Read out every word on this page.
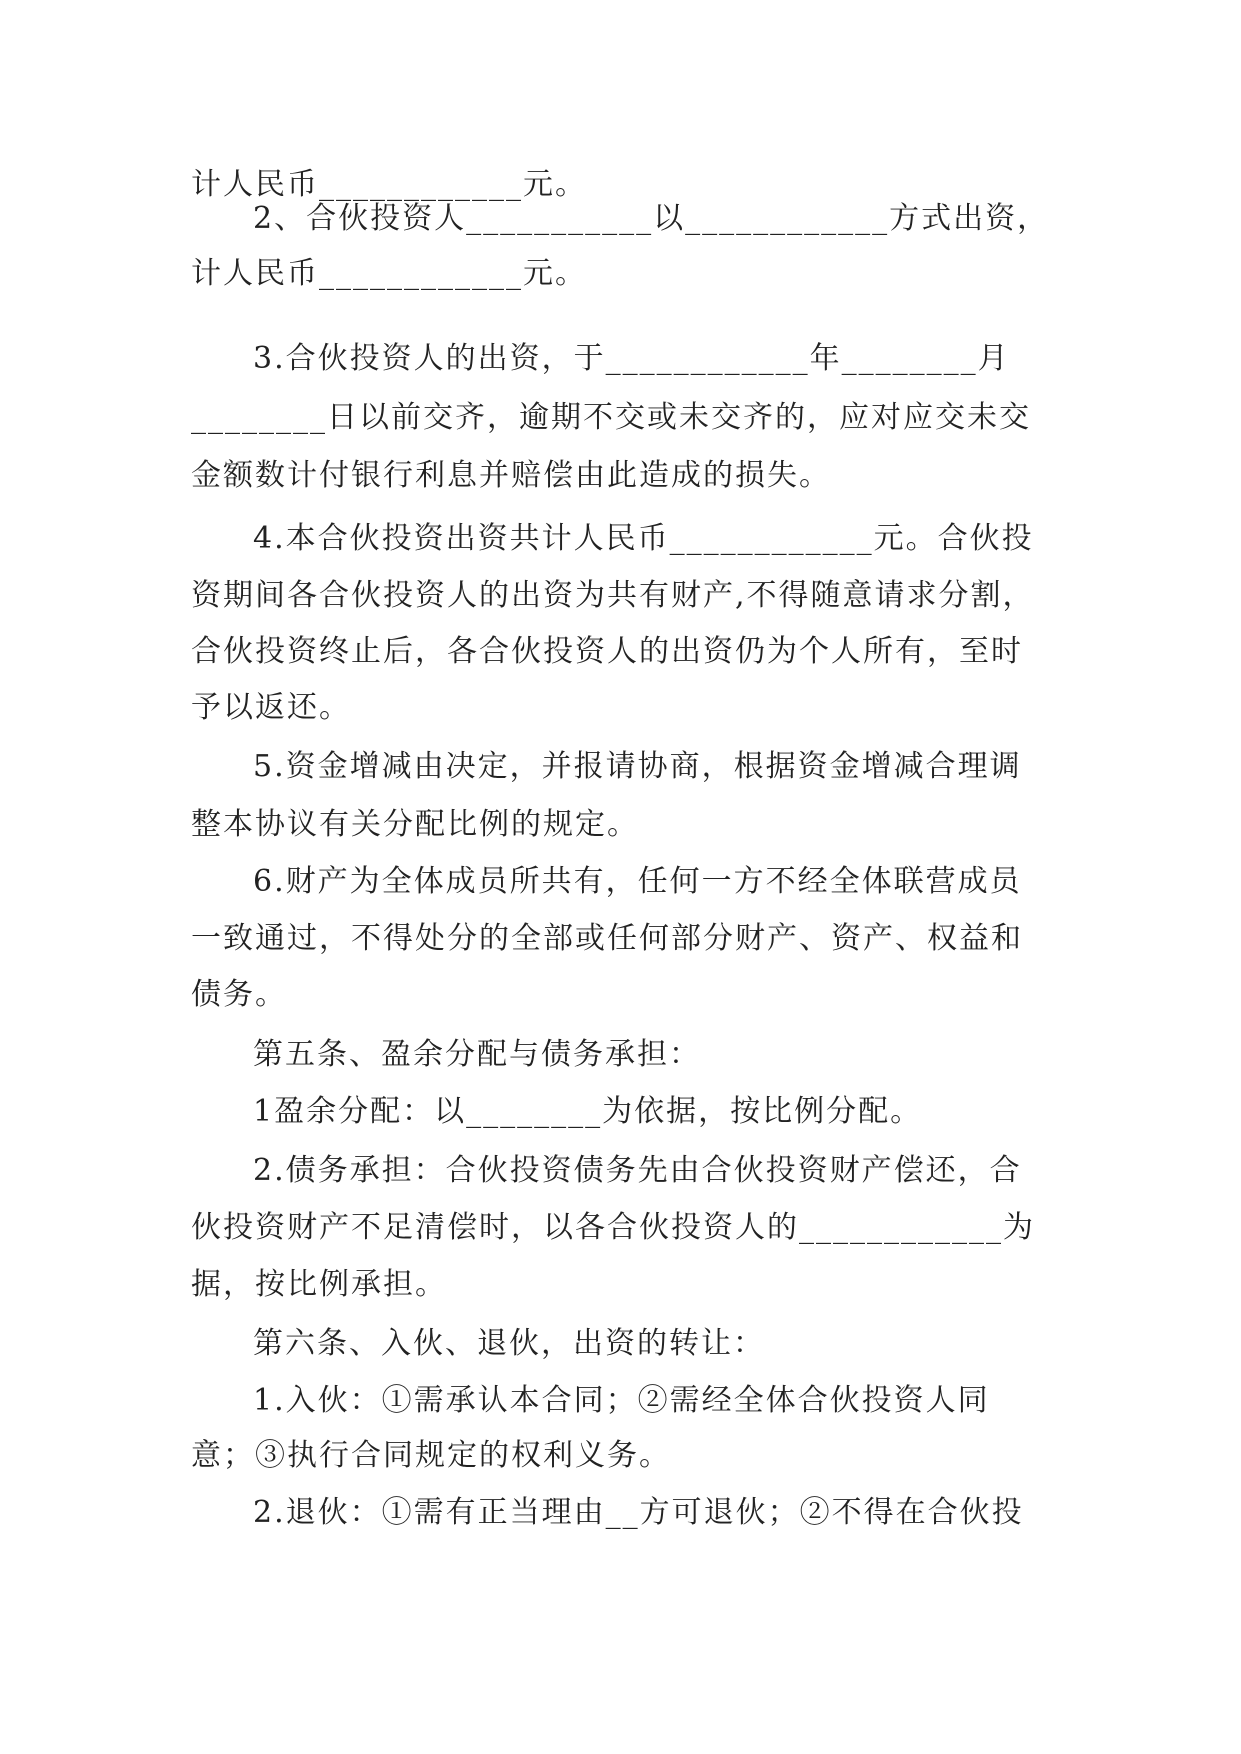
计人民币____________元。
2、合伙投资人___________以____________方式出资，
计人民币____________元。
3.合伙投资人的出资，于____________年________月
________日以前交齐，逾期不交或未交齐的，应对应交未交
金额数计付银行利息并赔偿由此造成的损失。
4.本合伙投资出资共计人民币____________元。合伙投
资期间各合伙投资人的出资为共有财产,不得随意请求分割，
合伙投资终止后，各合伙投资人的出资仍为个人所有，至时
予以返还。
5.资金增减由决定，并报请协商，根据资金增减合理调
整本协议有关分配比例的规定。
6.财产为全体成员所共有，任何一方不经全体联营成员
一致通过，不得处分的全部或任何部分财产、资产、权益和
债务。
第五条、盈余分配与债务承担：
1盈余分配：以________为依据，按比例分配。
2.债务承担：合伙投资债务先由合伙投资财产偿还，合
伙投资财产不足清偿时，以各合伙投资人的____________为
据，按比例承担。
第六条、入伙、退伙，出资的转让：
1.入伙：①需承认本合同；②需经全体合伙投资人同
意；③执行合同规定的权利义务。
2.退伙：①需有正当理由__方可退伙；②不得在合伙投
